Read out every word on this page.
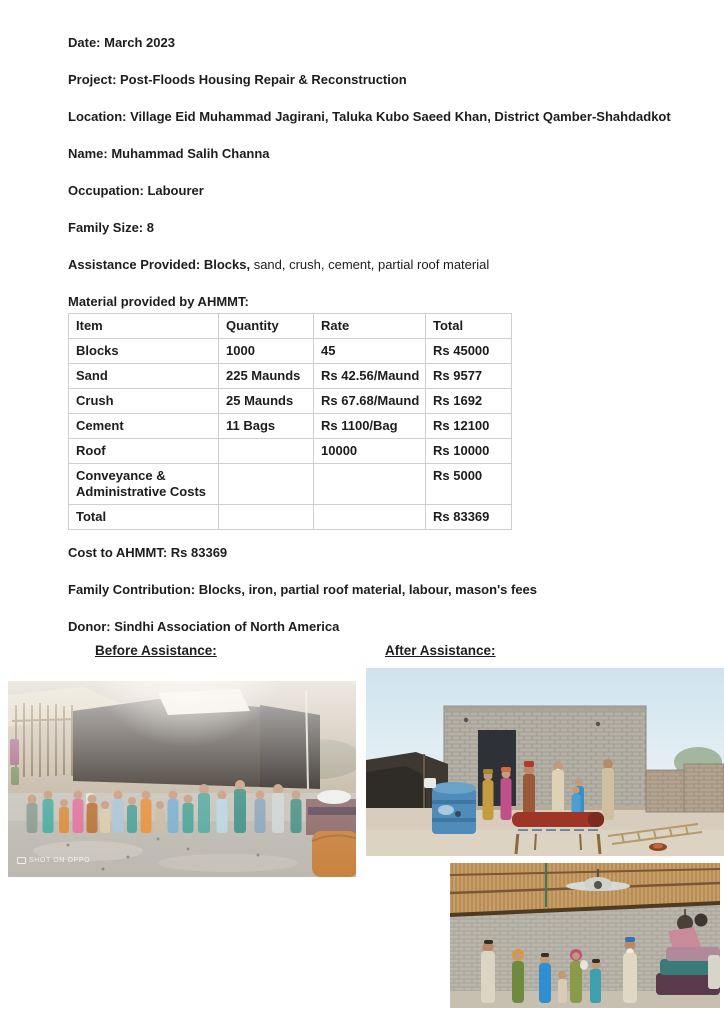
Date: March 2023

Project: Post-Floods Housing Repair & Reconstruction

Location: Village Eid Muhammad Jagirani, Taluka Kubo Saeed Khan, District Qamber-Shahdadkot

Name: Muhammad Salih Channa

Occupation: Labourer

Family Size: 8

Assistance Provided: Blocks, sand, crush, cement, partial roof material

Material provided by AHMMT:

Item	Quantity	Rate	Total
Blocks	1000	45	Rs 45000
Sand	225 Maunds	Rs 42.56/Maund	Rs 9577
Crush	25 Maunds	Rs 67.68/Maund	Rs 1692
Cement	11 Bags	Rs 1100/Bag	Rs 12100
Roof		10000	Rs 10000
Conveyance & Administrative Costs			Rs 5000
Total			Rs 83369

Cost to AHMMT: Rs 83369

Family Contribution: Blocks, iron, partial roof material, labour, mason's fees

Donor: Sindhi Association of North America

Before Assistance:	After Assistance:
SHOT ON OPPO
